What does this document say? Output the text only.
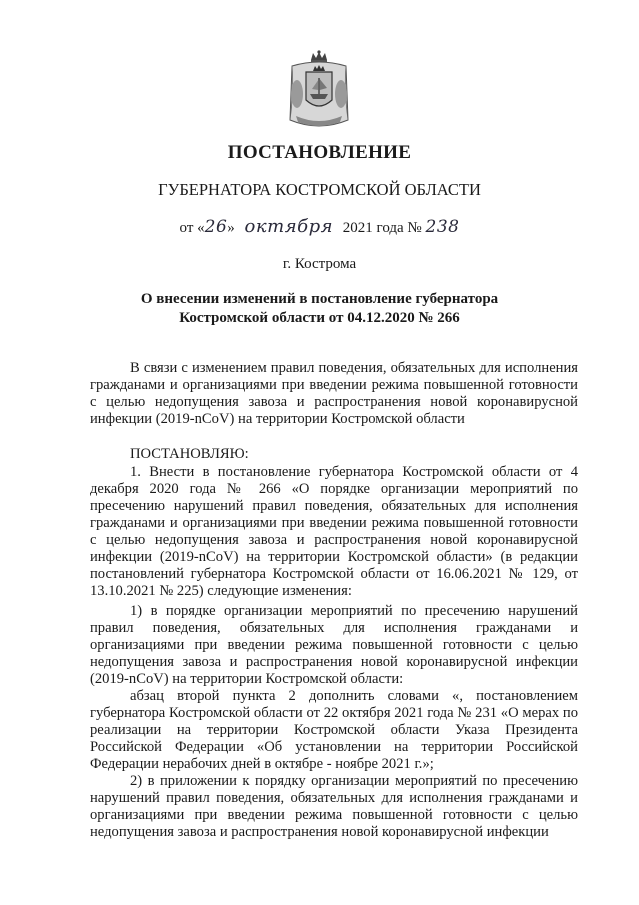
ПОСТАНОВЛЕНИЕ
ГУБЕРНАТОРА КОСТРОМСКОЙ ОБЛАСТИ
от «26» октября 2021 года № 238
г. Кострома
О внесении изменений в постановление губернатора
Костромской области от 04.12.2020 № 266

В связи с изменением правил поведения, обязательных для исполнения гражданами и организациями при введении режима повышенной готовности с целью недопущения завоза и распространения новой коронавирусной инфекции (2019-nCoV) на территории Костромской области

ПОСТАНОВЛЯЮ:

1. Внести в постановление губернатора Костромской области от 4 декабря 2020 года № 266 «О порядке организации мероприятий по пресечению нарушений правил поведения, обязательных для исполнения гражданами и организациями при введении режима повышенной готовности с целью недопущения завоза и распространения новой коронавирусной инфекции (2019-nCoV) на территории Костромской области» (в редакции постановлений губернатора Костромской области от 16.06.2021 № 129, от 13.10.2021 № 225) следующие изменения:

1) в порядке организации мероприятий по пресечению нарушений правил поведения, обязательных для исполнения гражданами и организациями при введении режима повышенной готовности с целью недопущения завоза и распространения новой коронавирусной инфекции (2019-nCoV) на территории Костромской области:

абзац второй пункта 2 дополнить словами «, постановлением губернатора Костромской области от 22 октября 2021 года № 231 «О мерах по реализации на территории Костромской области Указа Президента Российской Федерации «Об установлении на территории Российской Федерации нерабочих дней в октябре - ноябре 2021 г.»;

2) в приложении к порядку организации мероприятий по пресечению нарушений правил поведения, обязательных для исполнения гражданами и организациями при введении режима повышенной готовности с целью недопущения завоза и распространения новой коронавирусной инфекции
